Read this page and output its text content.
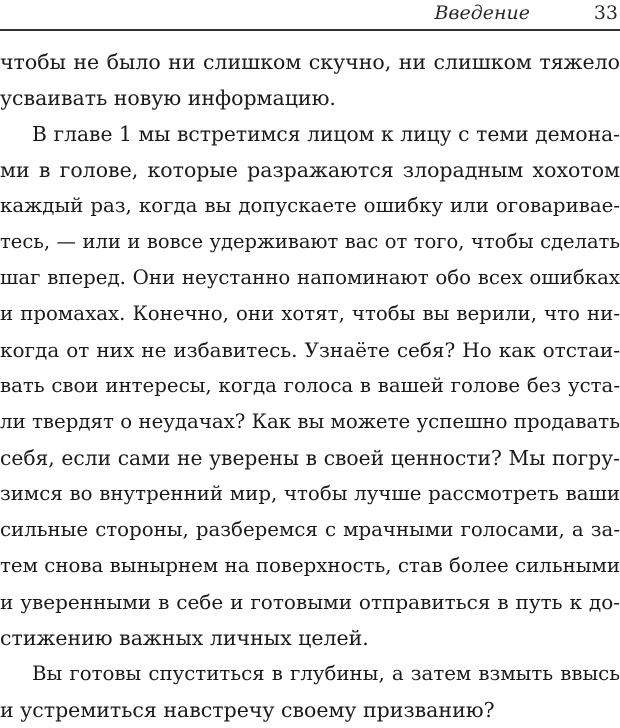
Введение	33
чтобы не было ни слишком скучно, ни слишком тяжело
усваивать новую информацию.
В главе 1 мы встретимся лицом к лицу с теми демона-
ми в голове, которые разражаются злорадным хохотом
каждый раз, когда вы допускаете ошибку или оговариваe-
тесь, — или и вовсе удерживают вас от того, чтобы сделать
шаг вперед. Они неустанно напоминают обо всех ошибках
и промахах. Конечно, они хотят, чтобы вы верили, что ни-
когда от них не избавитесь. Узнаёте себя? Но как отстаи-
вать свои интересы, когда голоса в вашей голове без уста-
ли твердят о неудачах? Как вы можете успешно продавать
себя, если сами не уверены в своей ценности? Мы погру-
зимся во внутренний мир, чтобы лучше рассмотреть ваши
сильные стороны, разберемся с мрачными голосами, а за-
тем снова вынырнем на поверхность, став более сильными
и уверенными в себе и готовыми отправиться в путь к до-
стижению важных личных целей.
Вы готовы спуститься в глубины, а затем взмыть ввысь
и устремиться навстречу своему призванию?
